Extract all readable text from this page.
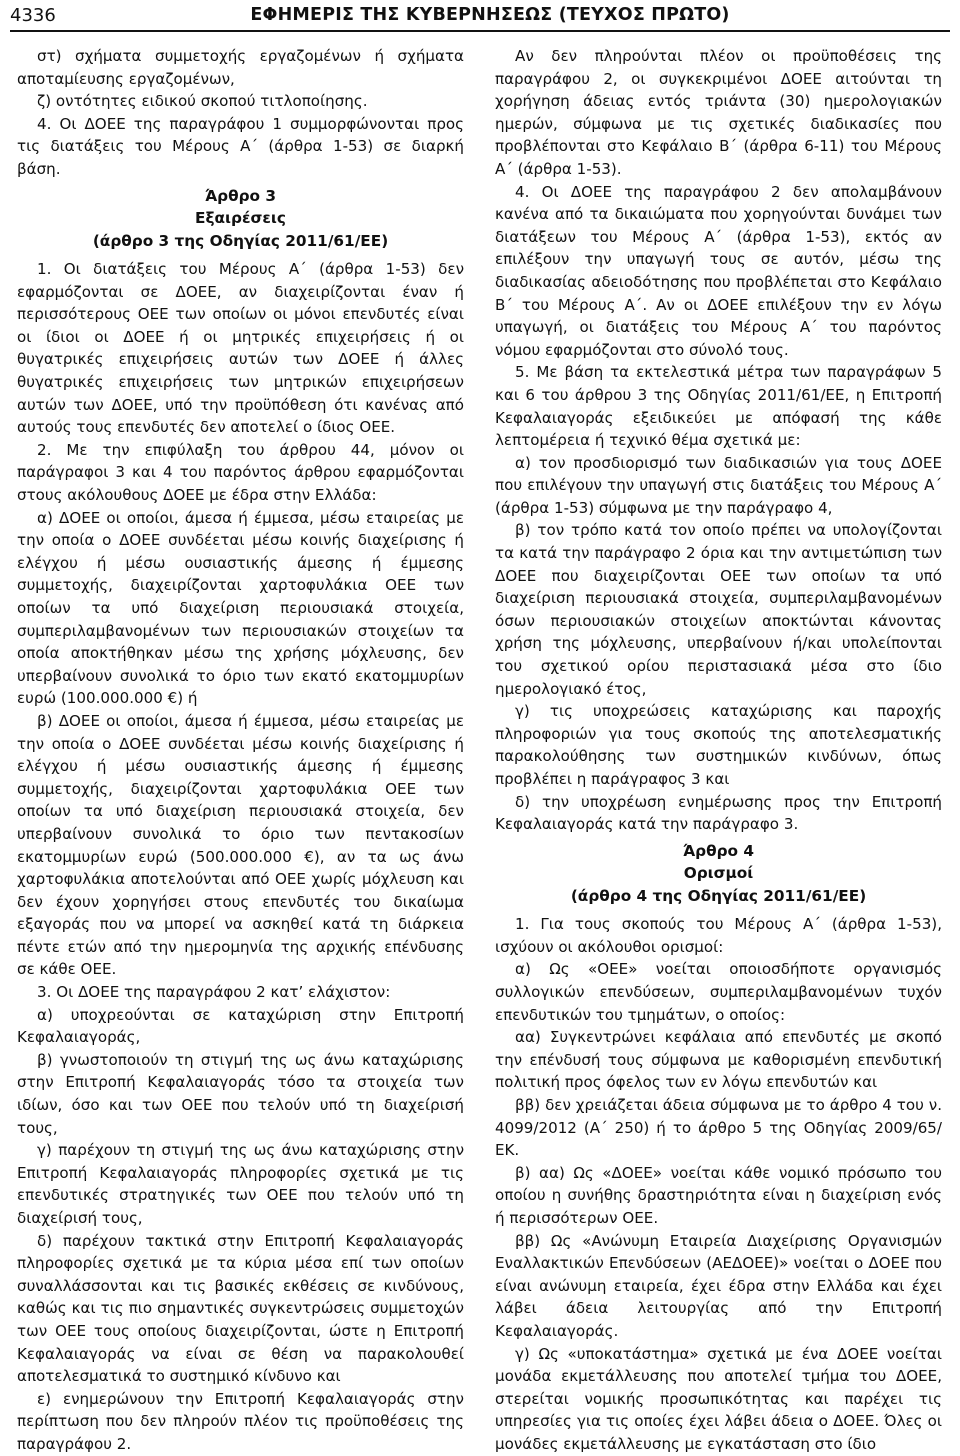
4336	ΕΦΗΜΕΡΙΣ ΤΗΣ ΚΥΒΕΡΝΗΣΕΩΣ (ΤΕΥΧΟΣ ΠΡΩΤΟ)

στ) σχήματα συμμετοχής εργαζομένων ή σχήματα αποταμίευσης εργαζομένων,

ζ) οντότητες ειδικού σκοπού τιτλοποίησης.

4. Οι ΔΟΕΕ της παραγράφου 1 συμμορφώνονται προς τις διατάξεις του Μέρους Α΄ (άρθρα 1-53) σε διαρκή βάση.

Άρθρο 3
Εξαιρέσεις
(άρθρο 3 της Οδηγίας 2011/61/ΕΕ)

1. Οι διατάξεις του Μέρους Α΄ (άρθρα 1-53) δεν εφαρμόζονται σε ΔΟΕΕ, αν διαχειρίζονται έναν ή περισσότερους ΟΕΕ των οποίων οι μόνοι επενδυτές είναι οι ίδιοι οι ΔΟΕΕ ή οι μητρικές επιχειρήσεις ή οι θυγατρικές επιχειρήσεις αυτών των ΔΟΕΕ ή άλλες θυγατρικές επιχειρήσεις των μητρικών επιχειρήσεων αυτών των ΔΟΕΕ, υπό την προϋπόθεση ότι κανένας από αυτούς τους επενδυτές δεν αποτελεί ο ίδιος ΟΕΕ.

2. Με την επιφύλαξη του άρθρου 44, μόνον οι παράγραφοι 3 και 4 του παρόντος άρθρου εφαρμόζονται στους ακόλουθους ΔΟΕΕ με έδρα στην Ελλάδα:

α) ΔΟΕΕ οι οποίοι, άμεσα ή έμμεσα, μέσω εταιρείας με την οποία ο ΔΟΕΕ συνδέεται μέσω κοινής διαχείρισης ή ελέγχου ή μέσω ουσιαστικής άμεσης ή έμμεσης συμμετοχής, διαχειρίζονται χαρτοφυλάκια ΟΕΕ των οποίων τα υπό διαχείριση περιουσιακά στοιχεία, συμπεριλαμβανομένων των περιουσιακών στοιχείων τα οποία αποκτήθηκαν μέσω της χρήσης μόχλευσης, δεν υπερβαίνουν συνολικά το όριο των εκατό εκατομμυρίων ευρώ (100.000.000 €) ή

β) ΔΟΕΕ οι οποίοι, άμεσα ή έμμεσα, μέσω εταιρείας με την οποία ο ΔΟΕΕ συνδέεται μέσω κοινής διαχείρισης ή ελέγχου ή μέσω ουσιαστικής άμεσης ή έμμεσης συμμετοχής, διαχειρίζονται χαρτοφυλάκια ΟΕΕ των οποίων τα υπό διαχείριση περιουσιακά στοιχεία, δεν υπερβαίνουν συνολικά το όριο των πεντακοσίων εκατομμυρίων ευρώ (500.000.000 €), αν τα ως άνω χαρτοφυλάκια αποτελούνται από ΟΕΕ χωρίς μόχλευση και δεν έχουν χορηγήσει στους επενδυτές του δικαίωμα εξαγοράς που να μπορεί να ασκηθεί κατά τη διάρκεια πέντε ετών από την ημερομηνία της αρχικής επένδυσης σε κάθε ΟΕΕ.

3. Οι ΔΟΕΕ της παραγράφου 2 κατ’ ελάχιστον:

α) υποχρεούνται σε καταχώριση στην Επιτροπή Κεφαλαιαγοράς,

β) γνωστοποιούν τη στιγμή της ως άνω καταχώρισης στην Επιτροπή Κεφαλαιαγοράς τόσο τα στοιχεία των ιδίων, όσο και των ΟΕΕ που τελούν υπό τη διαχείρισή τους,

γ) παρέχουν τη στιγμή της ως άνω καταχώρισης στην Επιτροπή Κεφαλαιαγοράς πληροφορίες σχετικά με τις επενδυτικές στρατηγικές των ΟΕΕ που τελούν υπό τη διαχείρισή τους,

δ) παρέχουν τακτικά στην Επιτροπή Κεφαλαιαγοράς πληροφορίες σχετικά με τα κύρια μέσα επί των οποίων συναλλάσσονται και τις βασικές εκθέσεις σε κινδύνους, καθώς και τις πιο σημαντικές συγκεντρώσεις συμμετοχών των ΟΕΕ τους οποίους διαχειρίζονται, ώστε η Επιτροπή Κεφαλαιαγοράς να είναι σε θέση να παρακολουθεί αποτελεσματικά το συστημικό κίνδυνο και

ε) ενημερώνουν την Επιτροπή Κεφαλαιαγοράς στην περίπτωση που δεν πληρούν πλέον τις προϋποθέσεις της παραγράφου 2.

Αν δεν πληρούνται πλέον οι προϋποθέσεις της παραγράφου 2, οι συγκεκριμένοι ΔΟΕΕ αιτούνται τη χορήγηση άδειας εντός τριάντα (30) ημερολογιακών ημερών, σύμφωνα με τις σχετικές διαδικασίες που προβλέπονται στο Κεφάλαιο Β΄ (άρθρα 6-11) του Μέρους Α΄ (άρθρα 1-53).

4. Οι ΔΟΕΕ της παραγράφου 2 δεν απολαμβάνουν κανένα από τα δικαιώματα που χορηγούνται δυνάμει των διατάξεων του Μέρους Α΄ (άρθρα 1-53), εκτός αν επιλέξουν την υπαγωγή τους σε αυτόν, μέσω της διαδικασίας αδειοδότησης που προβλέπεται στο Κεφάλαιο Β΄ του Μέρους Α΄. Αν οι ΔΟΕΕ επιλέξουν την εν λόγω υπαγωγή, οι διατάξεις του Μέρους Α΄ του παρόντος νόμου εφαρμόζονται στο σύνολό τους.

5. Με βάση τα εκτελεστικά μέτρα των παραγράφων 5 και 6 του άρθρου 3 της Οδηγίας 2011/61/ΕΕ, η Επιτροπή Κεφαλαιαγοράς εξειδικεύει με απόφασή της κάθε λεπτομέρεια ή τεχνικό θέμα σχετικά με:

α) τον προσδιορισμό των διαδικασιών για τους ΔΟΕΕ που επιλέγουν την υπαγωγή στις διατάξεις του Μέρους Α΄ (άρθρα 1-53) σύμφωνα με την παράγραφο 4,

β) τον τρόπο κατά τον οποίο πρέπει να υπολογίζονται τα κατά την παράγραφο 2 όρια και την αντιμετώπιση των ΔΟΕΕ που διαχειρίζονται ΟΕΕ των οποίων τα υπό διαχείριση περιουσιακά στοιχεία, συμπεριλαμβανομένων όσων περιουσιακών στοιχείων αποκτώνται κάνοντας χρήση της μόχλευσης, υπερβαίνουν ή/και υπολείπονται του σχετικού ορίου περιστασιακά μέσα στο ίδιο ημερολογιακό έτος,

γ) τις υποχρεώσεις καταχώρισης και παροχής πληροφοριών για τους σκοπούς της αποτελεσματικής παρακολούθησης των συστημικών κινδύνων, όπως προβλέπει η παράγραφος 3 και

δ) την υποχρέωση ενημέρωσης προς την Επιτροπή Κεφαλαιαγοράς κατά την παράγραφο 3.

Άρθρο 4
Ορισμοί
(άρθρο 4 της Οδηγίας 2011/61/ΕΕ)

1. Για τους σκοπούς του Μέρους Α΄ (άρθρα 1-53), ισχύουν οι ακόλουθοι ορισμοί:

α) Ως «ΟΕΕ» νοείται οποιοσδήποτε οργανισμός συλλογικών επενδύσεων, συμπεριλαμβανομένων τυχόν επενδυτικών του τμημάτων, ο οποίος:

αα) Συγκεντρώνει κεφάλαια από επενδυτές με σκοπό την επένδυσή τους σύμφωνα με καθορισμένη επενδυτική πολιτική προς όφελος των εν λόγω επενδυτών και

ββ) δεν χρειάζεται άδεια σύμφωνα με το άρθρο 4 του ν. 4099/2012 (Α΄ 250) ή το άρθρο 5 της Οδηγίας 2009/65/ΕΚ.

β) αα) Ως «ΔΟΕΕ» νοείται κάθε νομικό πρόσωπο του οποίου η συνήθης δραστηριότητα είναι η διαχείριση ενός ή περισσότερων ΟΕΕ.

ββ) Ως «Ανώνυμη Εταιρεία Διαχείρισης Οργανισμών Εναλλακτικών Επενδύσεων (ΑΕΔΟΕΕ)» νοείται ο ΔΟΕΕ που είναι ανώνυμη εταιρεία, έχει έδρα στην Ελλάδα και έχει λάβει άδεια λειτουργίας από την Επιτροπή Κεφαλαιαγοράς.

γ) Ως «υποκατάστημα» σχετικά με ένα ΔΟΕΕ νοείται μονάδα εκμετάλλευσης που αποτελεί τμήμα του ΔΟΕΕ, στερείται νομικής προσωπικότητας και παρέχει τις υπηρεσίες για τις οποίες έχει λάβει άδεια ο ΔΟΕΕ. Όλες οι μονάδες εκμετάλλευσης με εγκατάσταση στο ίδιο
